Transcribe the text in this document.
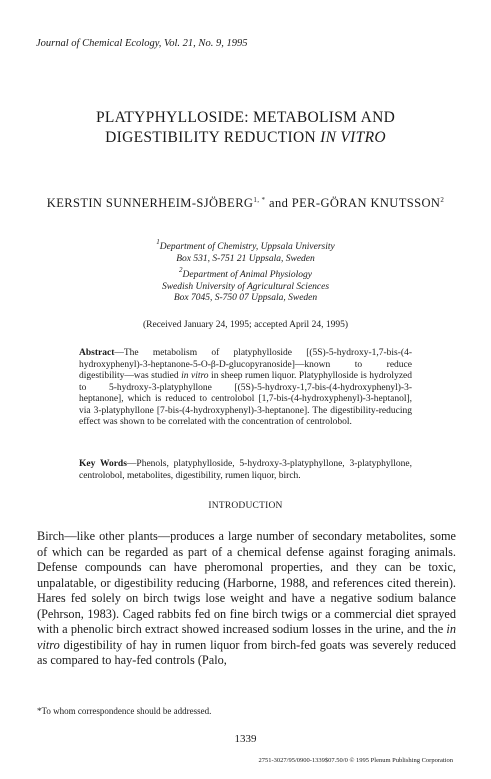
Journal of Chemical Ecology, Vol. 21, No. 9, 1995
PLATYPHYLLOSIDE: METABOLISM AND
DIGESTIBILITY REDUCTION IN VITRO
KERSTIN SUNNERHEIM-$SJÖBERG^{1, *}$ and PER-GÖRAN KNUTSSON$^2$
$^1$Department of Chemistry, Uppsala University
Box 531, S-751 21 Uppsala, Sweden
$^2$Department of Animal Physiology
Swedish University of Agricultural Sciences
Box 7045, S-750 07 Uppsala, Sweden
(Received January 24, 1995; accepted April 24, 1995)
Abstract—The metabolism of platyphylloside [(5S)-5-hydroxy-1,7-bis-(4-hydroxyphenyl)-3-heptanone-5-O-β-D-glucopyranoside]—known to reduce digestibility—was studied in vitro in sheep rumen liquor. Platyphylloside is hydrolyzed to 5-hydroxy-3-platyphyllone [(5S)-5-hydroxy-1,7-bis-(4-hydroxyphenyl)-3-heptanone], which is reduced to centrolobol [1,7-bis-(4-hydroxyphenyl)-3-heptanol], via 3-platyphyllone [7-bis-(4-hydroxyphenyl)-3-heptanone]. The digestibility-reducing effect was shown to be correlated with the concentration of centrolobol.
Key Words—Phenols, platyphylloside, 5-hydroxy-3-platyphyllone, 3-platyphyllone, centrolobol, metabolites, digestibility, rumen liquor, birch.
INTRODUCTION
Birch—like other plants—produces a large number of secondary metabolites, some of which can be regarded as part of a chemical defense against foraging animals. Defense compounds can have pheromonal properties, and they can be toxic, unpalatable, or digestibility reducing (Harborne, 1988, and references cited therein). Hares fed solely on birch twigs lose weight and have a negative sodium balance (Pehrson, 1983). Caged rabbits fed on fine birch twigs or a commercial diet sprayed with a phenolic birch extract showed increased sodium losses in the urine, and the in vitro digestibility of hay in rumen liquor from birch-fed goats was severely reduced as compared to hay-fed controls (Palo,
*To whom correspondence should be addressed.
1339
2751-3027/95/0900-1339$07.50/0 © 1995 Plenum Publishing Corporation
